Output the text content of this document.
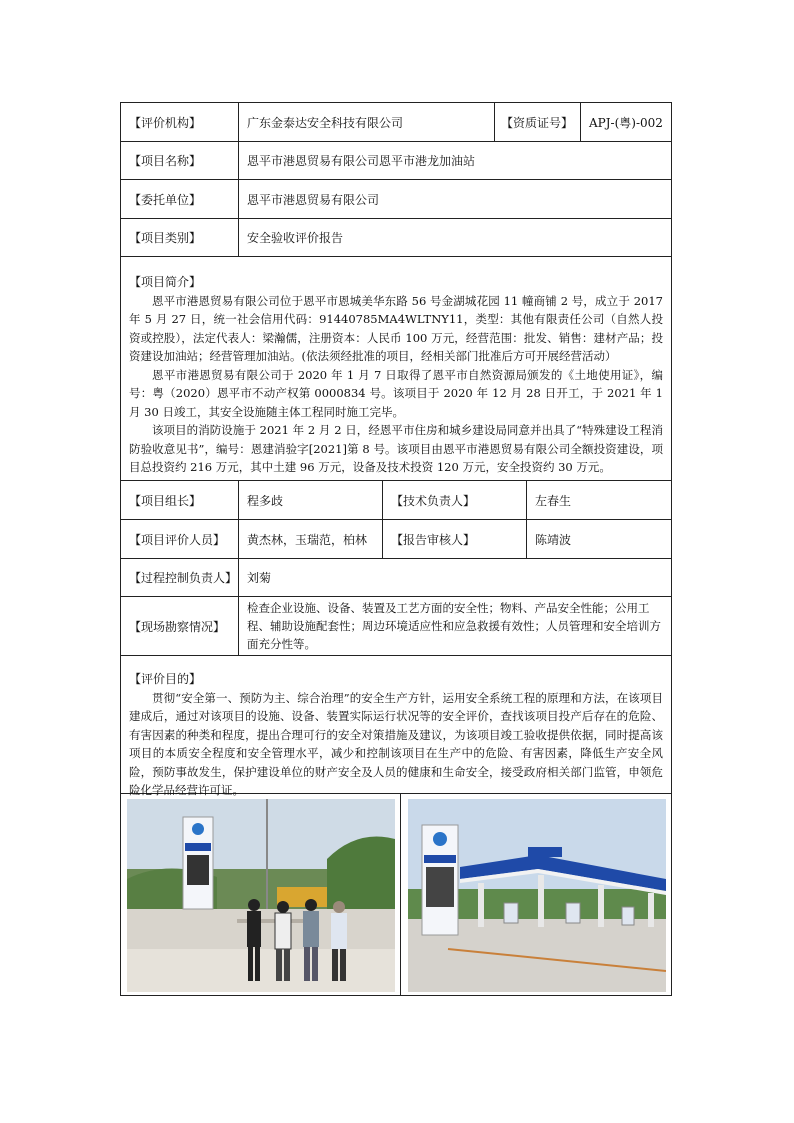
【评价机构】	广东金泰达安全科技有限公司	【资质证号】	APJ-(粤)-002
【项目名称】	恩平市港恩贸易有限公司恩平市港龙加油站
【委托单位】	恩平市港恩贸易有限公司
【项目类别】	安全验收评价报告
【项目简介】

恩平市港恩贸易有限公司位于恩平市恩城美华东路 56 号金湖城花园 11 幢商铺 2 号，成立于 2017 年 5 月 27 日，统一社会信用代码：91440785MA4WLTNY11，类型：其他有限责任公司（自然人投资或控股），法定代表人：梁瀚儒，注册资本：人民币 100 万元，经营范围：批发、销售：建材产品；投资建设加油站；经营管理加油站。(依法须经批准的项目，经相关部门批准后方可开展经营活动）

恩平市港恩贸易有限公司于 2020 年 1 月 7 日取得了恩平市自然资源局颁发的《土地使用证》，编号：粤（2020）恩平市不动产权第 0000834 号。该项目于 2020 年 12 月 28 日开工，于 2021 年 1 月 30 日竣工，其安全设施随主体工程同时施工完毕。

该项目的消防设施于 2021 年 2 月 2 日，经恩平市住房和城乡建设局同意并出具了“特殊建设工程消防验收意见书”，编号：恩建消验字[2021]第 8 号。该项目由恩平市港恩贸易有限公司全额投资建设，项目总投资约 216 万元，其中土建 96 万元，设备及技术投资 120 万元，安全投资约 30 万元。

【项目组长】	程多歧	【技术负责人】	左春生
【项目评价人员】	黄杰林，玉瑞范，柏林	【报告审核人】	陈靖波
【过程控制负责人】 刘菊
【现场勘察情况】
检查企业设施、设备、装置及工艺方面的安全性；物料、产品安全性能；公用工程、辅助设施配套性；周边环境适应性和应急救援有效性；人员管理和安全培训方面充分性等。
【评价目的】

贯彻“安全第一、预防为主、综合治理”的安全生产方针，运用安全系统工程的原理和方法，在该项目建成后，通过对该项目的设施、设备、装置实际运行状况等的安全评价，查找该项目投产后存在的危险、有害因素的种类和程度，提出合理可行的安全对策措施及建议，为该项目竣工验收提供依据，同时提高该项目的本质安全程度和安全管理水平，减少和控制该项目在生产中的危险、有害因素，降低生产安全风险，预防事故发生，保护建设单位的财产安全及人员的健康和生命安全，接受政府相关部门监管，申领危险化学品经营许可证。
